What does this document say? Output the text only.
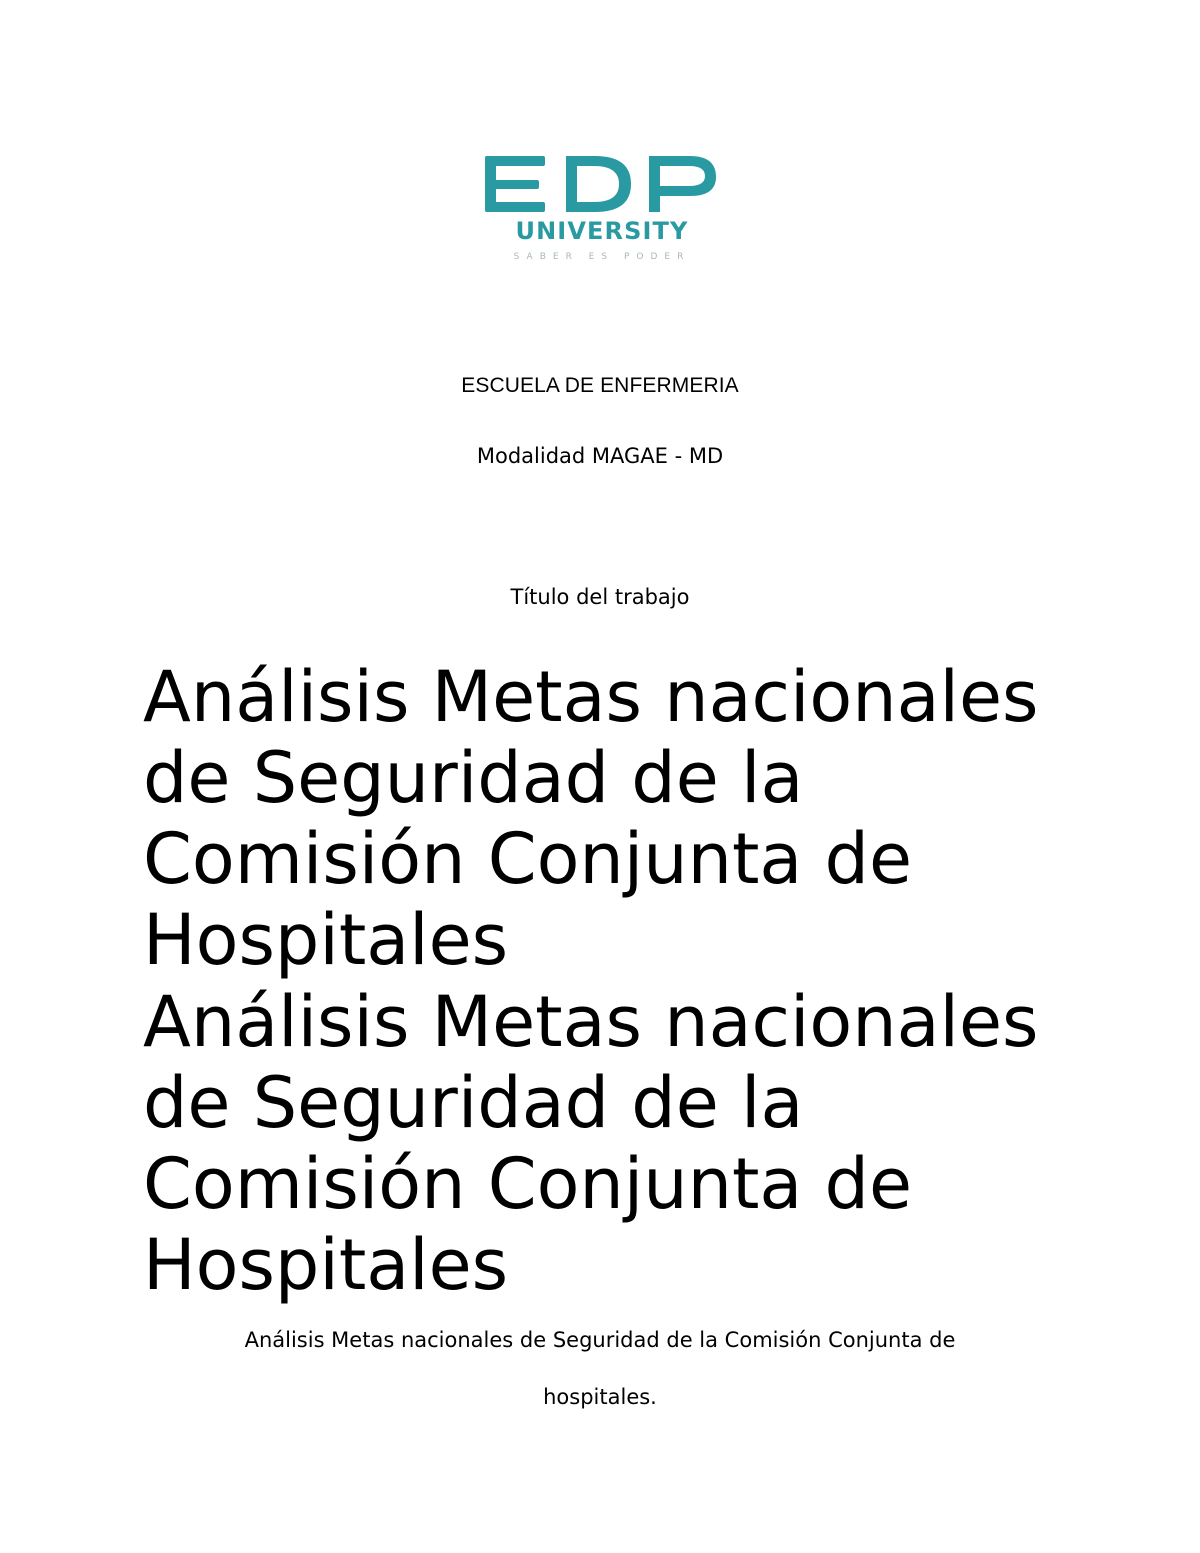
UNIVERSITY
SABER ES PODER
ESCUELA DE ENFERMERIA
Modalidad MAGAE - MD
Título del trabajo
Análisis Metas nacionales de Seguridad de la Comisión Conjunta de Hospitales
Análisis Metas nacionales de Seguridad de la Comisión Conjunta de Hospitales
Análisis Metas nacionales de Seguridad de la Comisión Conjunta de
hospitales.
